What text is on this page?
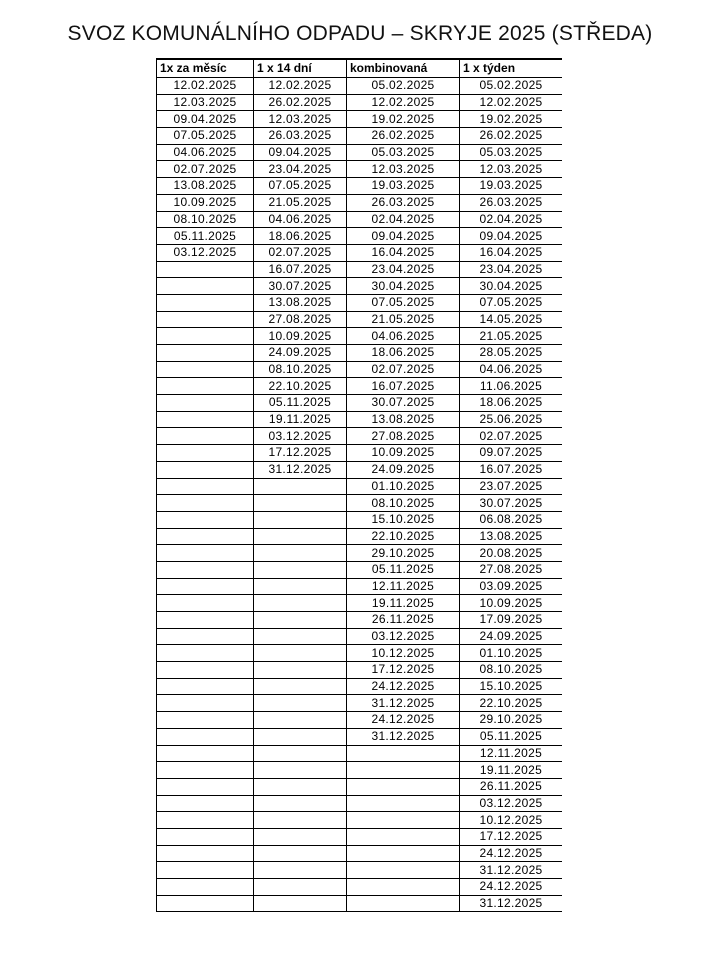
SVOZ KOMUNÁLNÍHO ODPADU – SKRYJE 2025 (STŘEDA)
1x za měsíc	1 x 14 dní	kombinovaná	1 x týden
12.02.2025	12.02.2025	05.02.2025	05.02.2025
12.03.2025	26.02.2025	12.02.2025	12.02.2025
09.04.2025	12.03.2025	19.02.2025	19.02.2025
07.05.2025	26.03.2025	26.02.2025	26.02.2025
04.06.2025	09.04.2025	05.03.2025	05.03.2025
02.07.2025	23.04.2025	12.03.2025	12.03.2025
13.08.2025	07.05.2025	19.03.2025	19.03.2025
10.09.2025	21.05.2025	26.03.2025	26.03.2025
08.10.2025	04.06.2025	02.04.2025	02.04.2025
05.11.2025	18.06.2025	09.04.2025	09.04.2025
03.12.2025	02.07.2025	16.04.2025	16.04.2025
	16.07.2025	23.04.2025	23.04.2025
	30.07.2025	30.04.2025	30.04.2025
	13.08.2025	07.05.2025	07.05.2025
	27.08.2025	21.05.2025	14.05.2025
	10.09.2025	04.06.2025	21.05.2025
	24.09.2025	18.06.2025	28.05.2025
	08.10.2025	02.07.2025	04.06.2025
	22.10.2025	16.07.2025	11.06.2025
	05.11.2025	30.07.2025	18.06.2025
	19.11.2025	13.08.2025	25.06.2025
	03.12.2025	27.08.2025	02.07.2025
	17.12.2025	10.09.2025	09.07.2025
	31.12.2025	24.09.2025	16.07.2025
		01.10.2025	23.07.2025
		08.10.2025	30.07.2025
		15.10.2025	06.08.2025
		22.10.2025	13.08.2025
		29.10.2025	20.08.2025
		05.11.2025	27.08.2025
		12.11.2025	03.09.2025
		19.11.2025	10.09.2025
		26.11.2025	17.09.2025
		03.12.2025	24.09.2025
		10.12.2025	01.10.2025
		17.12.2025	08.10.2025
		24.12.2025	15.10.2025
		31.12.2025	22.10.2025
		24.12.2025	29.10.2025
		31.12.2025	05.11.2025
			12.11.2025
			19.11.2025
			26.11.2025
			03.12.2025
			10.12.2025
			17.12.2025
			24.12.2025
			31.12.2025
			24.12.2025
			31.12.2025
